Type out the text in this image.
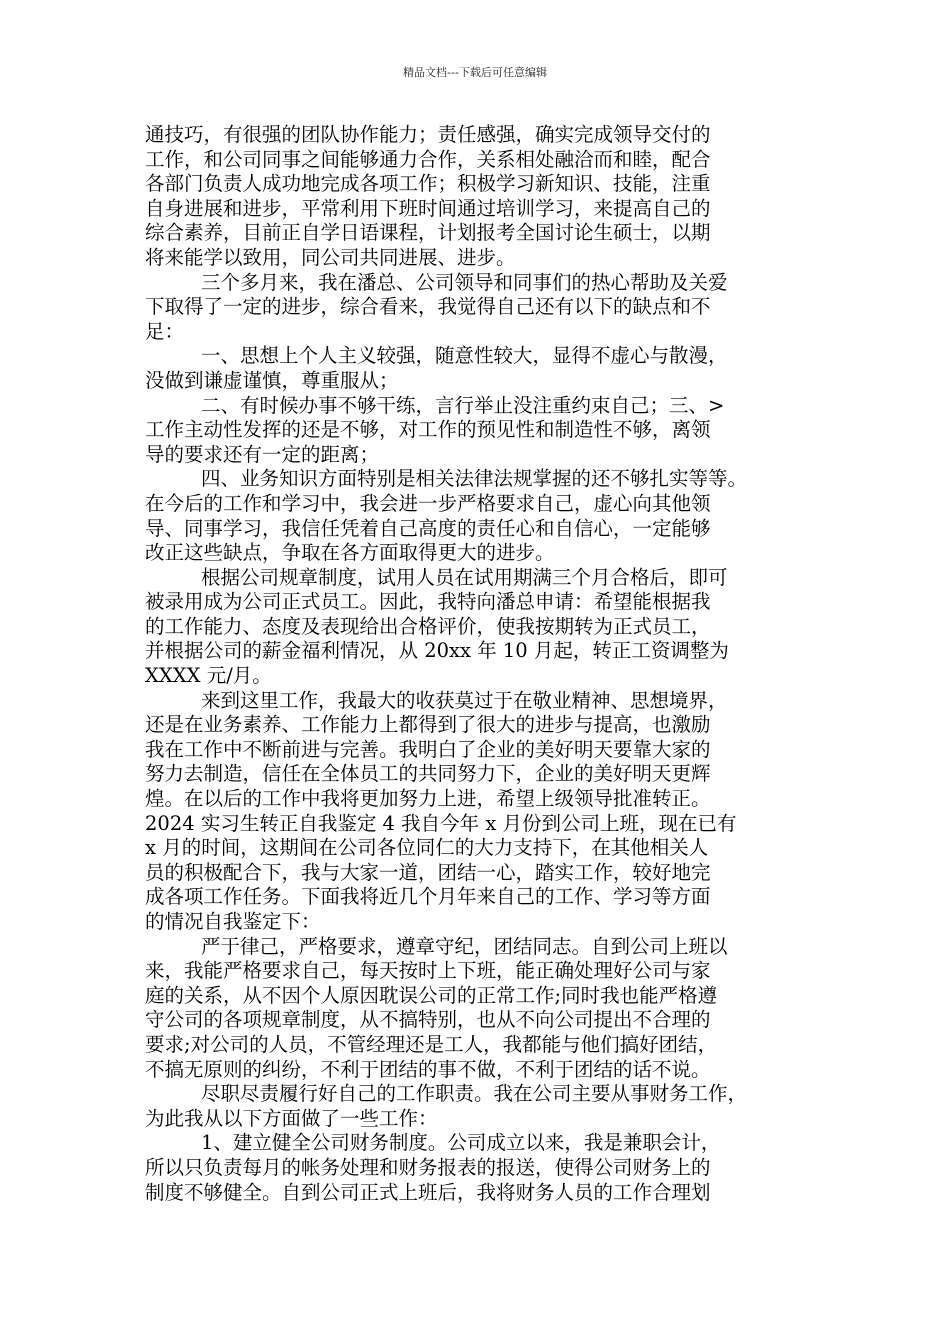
精品文档---下载后可任意编辑
通技巧，有很强的团队协作能力；责任感强，确实完成领导交付的
工作，和公司同事之间能够通力合作，关系相处融洽而和睦，配合
各部门负责人成功地完成各项工作；积极学习新知识、技能，注重
自身进展和进步，平常利用下班时间通过培训学习，来提高自己的
综合素养，目前正自学日语课程，计划报考全国讨论生硕士，以期
将来能学以致用，同公司共同进展、进步。
三个多月来，我在潘总、公司领导和同事们的热心帮助及关爱
下取得了一定的进步，综合看来，我觉得自己还有以下的缺点和不
足：
一、思想上个人主义较强，随意性较大，显得不虚心与散漫，
没做到谦虚谨慎，尊重服从；
二、有时候办事不够干练，言行举止没注重约束自己；三、>
工作主动性发挥的还是不够，对工作的预见性和制造性不够，离领
导的要求还有一定的距离；
四、业务知识方面特别是相关法律法规掌握的还不够扎实等等。
在今后的工作和学习中，我会进一步严格要求自己，虚心向其他领
导、同事学习，我信任凭着自己高度的责任心和自信心，一定能够
改正这些缺点，争取在各方面取得更大的进步。
根据公司规章制度，试用人员在试用期满三个月合格后，即可
被录用成为公司正式员工。因此，我特向潘总申请：希望能根据我
的工作能力、态度及表现给出合格评价，使我按期转为正式员工，
并根据公司的薪金福利情况，从 20xx 年 10 月起，转正工资调整为
XXXX 元/月。
来到这里工作，我最大的收获莫过于在敬业精神、思想境界，
还是在业务素养、工作能力上都得到了很大的进步与提高，也激励
我在工作中不断前进与完善。我明白了企业的美好明天要靠大家的
努力去制造，信任在全体员工的共同努力下，企业的美好明天更辉
煌。在以后的工作中我将更加努力上进，希望上级领导批准转正。
2024 实习生转正自我鉴定 4 我自今年 x 月份到公司上班，现在已有
x 月的时间，这期间在公司各位同仁的大力支持下，在其他相关人
员的积极配合下，我与大家一道，团结一心，踏实工作，较好地完
成各项工作任务。下面我将近几个月年来自己的工作、学习等方面
的情况自我鉴定下：
严于律己，严格要求，遵章守纪，团结同志。自到公司上班以
来，我能严格要求自己，每天按时上下班，能正确处理好公司与家
庭的关系，从不因个人原因耽误公司的正常工作;同时我也能严格遵
守公司的各项规章制度，从不搞特别，也从不向公司提出不合理的
要求;对公司的人员，不管经理还是工人，我都能与他们搞好团结，
不搞无原则的纠纷，不利于团结的事不做，不利于团结的话不说。
尽职尽责履行好自己的工作职责。我在公司主要从事财务工作，
为此我从以下方面做了一些工作：
1、建立健全公司财务制度。公司成立以来，我是兼职会计，
所以只负责每月的帐务处理和财务报表的报送，使得公司财务上的
制度不够健全。自到公司正式上班后，我将财务人员的工作合理划
